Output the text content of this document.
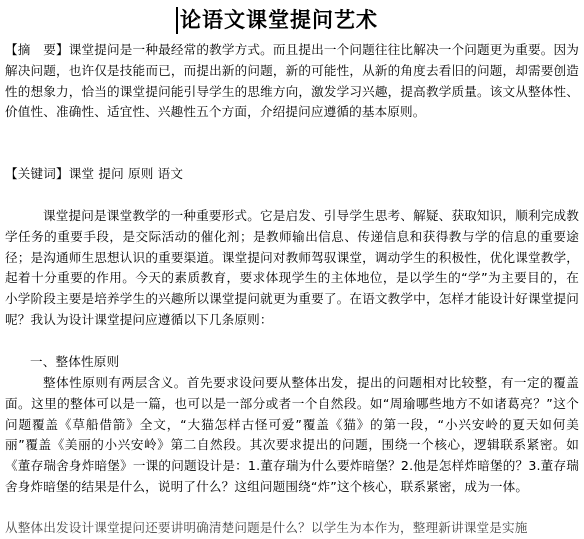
论语文课堂提问艺术

【摘　要】课堂提问是一种最经常的教学方式。而且提出一个问题往往比解决一个问题更为重要。因为解决问题，也许仅是技能而已，而提出新的问题，新的可能性，从新的角度去看旧的问题，却需要创造性的想象力，恰当的课堂提问能引导学生的思维方向，激发学习兴趣，提高教学质量。该文从整体性、价值性、准确性、适宜性、兴趣性五个方面，介绍提问应遵循的基本原则。

【关键词】课堂 提问 原则 语文

课堂提问是课堂教学的一种重要形式。它是启发、引导学生思考、解疑、获取知识，顺利完成教学任务的重要手段，是交际活动的催化剂；是教师输出信息、传递信息和获得教与学的信息的重要途径；是沟通师生思想认识的重要渠道。课堂提问对教师驾驭课堂，调动学生的积极性，优化课堂教学，起着十分重要的作用。今天的素质教育，要求体现学生的主体地位，是以学生的“学”为主要目的，在小学阶段主要是培养学生的兴趣所以课堂提问就更为重要了。在语文教学中，怎样才能设计好课堂提问呢？我认为设计课堂提问应遵循以下几条原则：

一、整体性原则

整体性原则有两层含义。首先要求设问要从整体出发，提出的问题相对比较整，有一定的覆盖面。这里的整体可以是一篇，也可以是一部分或者一个自然段。如“周瑜哪些地方不如诸葛亮？”这个问题覆盖《草船借箭》全文，“大猫怎样古怪可爱”覆盖《猫》的第一段，“小兴安岭的夏天如何美丽”覆盖《美丽的小兴安岭》第二自然段。其次要求提出的问题，围绕一个核心，逻辑联系紧密。如《董存瑞舍身炸暗堡》一课的问题设计是：1.董存瑞为什么要炸暗堡？2.他是怎样炸暗堡的？3.董存瑞舍身炸暗堡的结果是什么，说明了什么？这组问题围绕“炸”这个核心，联系紧密，成为一体。

从整体出发设计课堂提问还要讲明确清楚问题是什么？以学生为本作为，整理新讲课堂是实施
